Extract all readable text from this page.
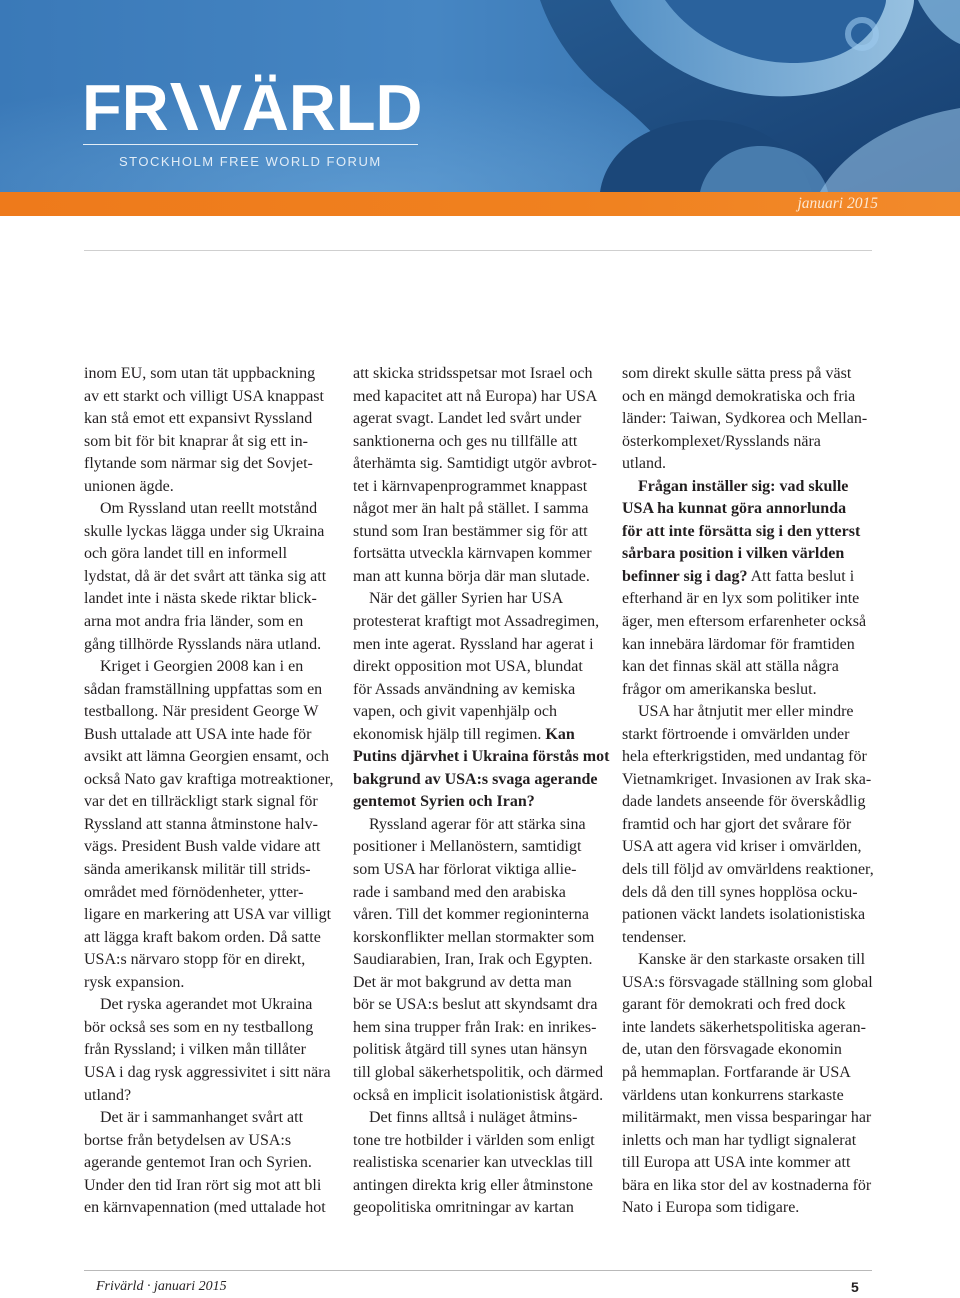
FR VÄRLD
STOCKHOLM FREE WORLD FORUM
januari 2015
inom EU, som utan tät uppbackning
av ett starkt och villigt USA knappast
kan stå emot ett expansivt Ryssland
som bit för bit knaprar åt sig ett in-
flytande som närmar sig det Sovjet-
unionen ägde.
Om Ryssland utan reellt motstånd
skulle lyckas lägga under sig Ukraina
och göra landet till en informell
lydstat, då är det svårt att tänka sig att
landet inte i nästa skede riktar blick-
arna mot andra fria länder, som en
gång tillhörde Rysslands nära utland.
Kriget i Georgien 2008 kan i en
sådan framställning uppfattas som en
testballong. När president George W
Bush uttalade att USA inte hade för
avsikt att lämna Georgien ensamt, och
också Nato gav kraftiga motreaktioner,
var det en tillräckligt stark signal för
Ryssland att stanna åtminstone halv-
vägs. President Bush valde vidare att
sända amerikansk militär till strids-
området med förnödenheter, ytter-
ligare en markering att USA var villigt
att lägga kraft bakom orden. Då satte
USA:s närvaro stopp för en direkt,
rysk expansion.
Det ryska agerandet mot Ukraina
bör också ses som en ny testballong
från Ryssland; i vilken mån tillåter
USA i dag rysk aggressivitet i sitt nära
utland?
Det är i sammanhanget svårt att
bortse från betydelsen av USA:s
agerande gentemot Iran och Syrien.
Under den tid Iran rört sig mot att bli
en kärnvapennation (med uttalade hot
att skicka stridsspetsar mot Israel och
med kapacitet att nå Europa) har USA
agerat svagt. Landet led svårt under
sanktionerna och ges nu tillfälle att
återhämta sig. Samtidigt utgör avbrot-
tet i kärnvapenprogrammet knappast
något mer än halt på stället. I samma
stund som Iran bestämmer sig för att
fortsätta utveckla kärnvapen kommer
man att kunna börja där man slutade.
När det gäller Syrien har USA
protesterat kraftigt mot Assadregimen,
men inte agerat. Ryssland har agerat i
direkt opposition mot USA, blundat
för Assads användning av kemiska
vapen, och givit vapenhjälp och
ekonomisk hjälp till regimen. Kan
Putins djärvhet i Ukraina förstås mot
bakgrund av USA:s svaga agerande
gentemot Syrien och Iran?
Ryssland agerar för att stärka sina
positioner i Mellanöstern, samtidigt
som USA har förlorat viktiga allie-
rade i samband med den arabiska
våren. Till det kommer regioninterna
korskonflikter mellan stormakter som
Saudiarabien, Iran, Irak och Egypten.
Det är mot bakgrund av detta man
bör se USA:s beslut att skyndsamt dra
hem sina trupper från Irak: en inrikes-
politisk åtgärd till synes utan hänsyn
till global säkerhetspolitik, och därmed
också en implicit isolationistisk åtgärd.
Det finns alltså i nuläget åtmins-
tone tre hotbilder i världen som enligt
realistiska scenarier kan utvecklas till
antingen direkta krig eller åtminstone
geopolitiska omritningar av kartan
som direkt skulle sätta press på väst
och en mängd demokratiska och fria
länder: Taiwan, Sydkorea och Mellan-
österkomplexet/Rysslands nära
utland.
Frågan inställer sig: vad skulle
USA ha kunnat göra annorlunda
för att inte försätta sig i den ytterst
sårbara position i vilken världen
befinner sig i dag? Att fatta beslut i
efterhand är en lyx som politiker inte
äger, men eftersom erfarenheter också
kan innebära lärdomar för framtiden
kan det finnas skäl att ställa några
frågor om amerikanska beslut.
USA har åtnjutit mer eller mindre
starkt förtroende i omvärlden under
hela efterkrigstiden, med undantag för
Vietnamkriget. Invasionen av Irak ska-
dade landets anseende för överskådlig
framtid och har gjort det svårare för
USA att agera vid kriser i omvärlden,
dels till följd av omvärldens reaktioner,
dels då den till synes hopplösa ocku-
pationen väckt landets isolationistiska
tendenser.
Kanske är den starkaste orsaken till
USA:s försvagade ställning som global
garant för demokrati och fred dock
inte landets säkerhetspolitiska ageran-
de, utan den försvagade ekonomin
på hemmaplan. Fortfarande är USA
världens utan konkurrens starkaste
militärmakt, men vissa besparingar har
inletts och man har tydligt signalerat
till Europa att USA inte kommer att
bära en lika stor del av kostnaderna för
Nato i Europa som tidigare.
Frivärld · januari 2015	5
